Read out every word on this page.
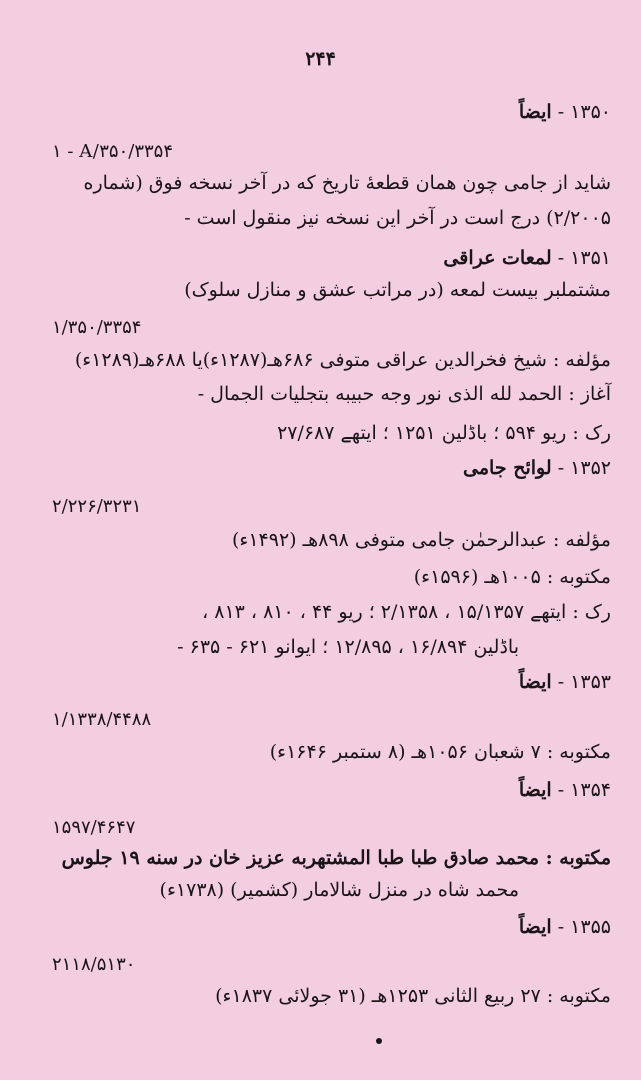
۲۴۴
۱۳۵۰ - ایضاً
۱ - A/۳۵۰/۳۳۵۴
شاید از جامی چون همان قطعهٔ تاریخ که در آخر نسخه فوق (شماره
۲/۲۰۰۵) درج است در آخر این نسخه نیز منقول است -
۱۳۵۱ - لمعات عراقی
مشتملبر بیست لمعه (در مراتب عشق و منازل سلوک)
۱/۳۵۰/۳۳۵۴
مؤلفه : شیخ فخرالدین عراقی متوفی ۶۸۶هـ(۱۲۸۷ء)یا ۶۸۸هـ(۱۲۸۹ء)
آغاز : الحمد لله الذی نور وجه حبیبه بتجلیات الجمال -
رک : ریو ۵۹۴ ؛ باڈلین ۱۲۵۱ ؛ ایتھے ۲۷/۶۸۷
۱۳۵۲ - لوائح جامی
۲/۲۲۶/۳۲۳۱
مؤلفه : عبدالرحمٰن جامی متوفی ۸۹۸هـ (۱۴۹۲ء)
مکتوبه : ۱۰۰۵هـ (۱۵۹۶ء)
رک : ایتھے ۱۵/۱۳۵۷ ، ۲/۱۳۵۸ ؛ ریو ۴۴ ، ۸۱۰ ، ۸۱۳ ،
باڈلین ۱۶/۸۹۴ ، ۱۲/۸۹۵ ؛ ایوانو ۶۲۱ - ۶۳۵ -
۱۳۵۳ - ایضاً
۱/۱۳۳۸/۴۴۸۸
مکتوبه : ۷ شعبان ۱۰۵۶هـ (۸ ستمبر ۱۶۴۶ء)
۱۳۵۴ - ایضاً
۱۵۹۷/۴۶۴۷
مکتوبه : محمد صادق طبا طبا المشتهربه عزیز خان در سنه ۱۹ جلوس
محمد شاه در منزل شالامار (کشمیر) (۱۷۳۸ء)
۱۳۵۵ - ایضاً
۲۱۱۸/۵۱۳۰
مکتوبه : ۲۷ ربیع الثانی ۱۲۵۳هـ (۳۱ جولائی ۱۸۳۷ء)
